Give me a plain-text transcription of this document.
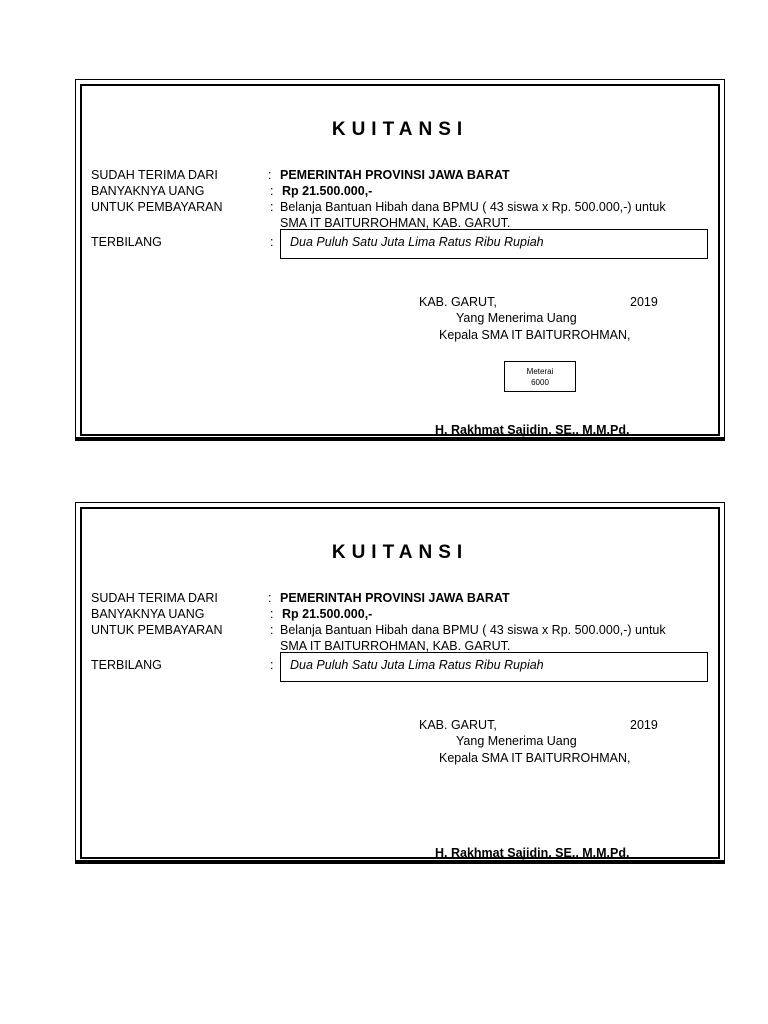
KUITANSI
SUDAH TERIMA DARI	: PEMERINTAH PROVINSI JAWA BARAT
BANYAKNYA UANG	: Rp 21.500.000,-
UNTUK PEMBAYARAN	: Belanja Bantuan Hibah dana BPMU ( 43 siswa x Rp. 500.000,-) untuk
SMA IT BAITURROHMAN, KAB. GARUT.
TERBILANG	:	Dua Puluh Satu Juta Lima Ratus Ribu Rupiah
KAB. GARUT,	2019
Yang Menerima Uang
Kepala SMA IT BAITURROHMAN,
Meterai
6000
H. Rakhmat Sajidin, SE., M.M.Pd.
KUITANSI
SUDAH TERIMA DARI	: PEMERINTAH PROVINSI JAWA BARAT
BANYAKNYA UANG	: Rp 21.500.000,-
UNTUK PEMBAYARAN	: Belanja Bantuan Hibah dana BPMU ( 43 siswa x Rp. 500.000,-) untuk
SMA IT BAITURROHMAN, KAB. GARUT.
TERBILANG	:	Dua Puluh Satu Juta Lima Ratus Ribu Rupiah
KAB. GARUT,	2019
Yang Menerima Uang
Kepala SMA IT BAITURROHMAN,
H. Rakhmat Sajidin, SE., M.M.Pd.
